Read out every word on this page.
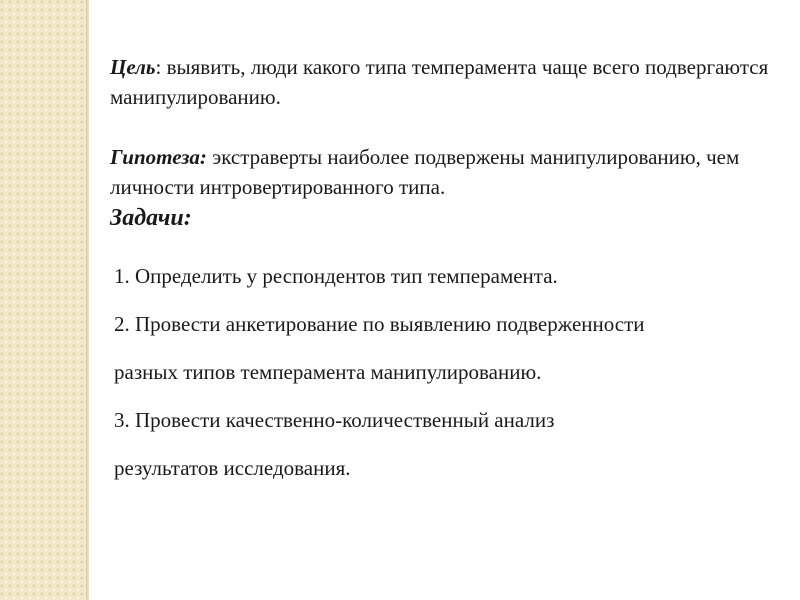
Цель: выявить, люди какого типа темперамента чаще всего подвергаются манипулированию.

Гипотеза: экстраверты наиболее подвержены манипулированию, чем личности интровертированного типа.

Задачи:
1. Определить у респондентов тип темперамента.
2. Провести анкетирование по выявлению подверженности
разных типов темперамента манипулированию.
3. Провести качественно-количественный анализ
результатов исследования.
